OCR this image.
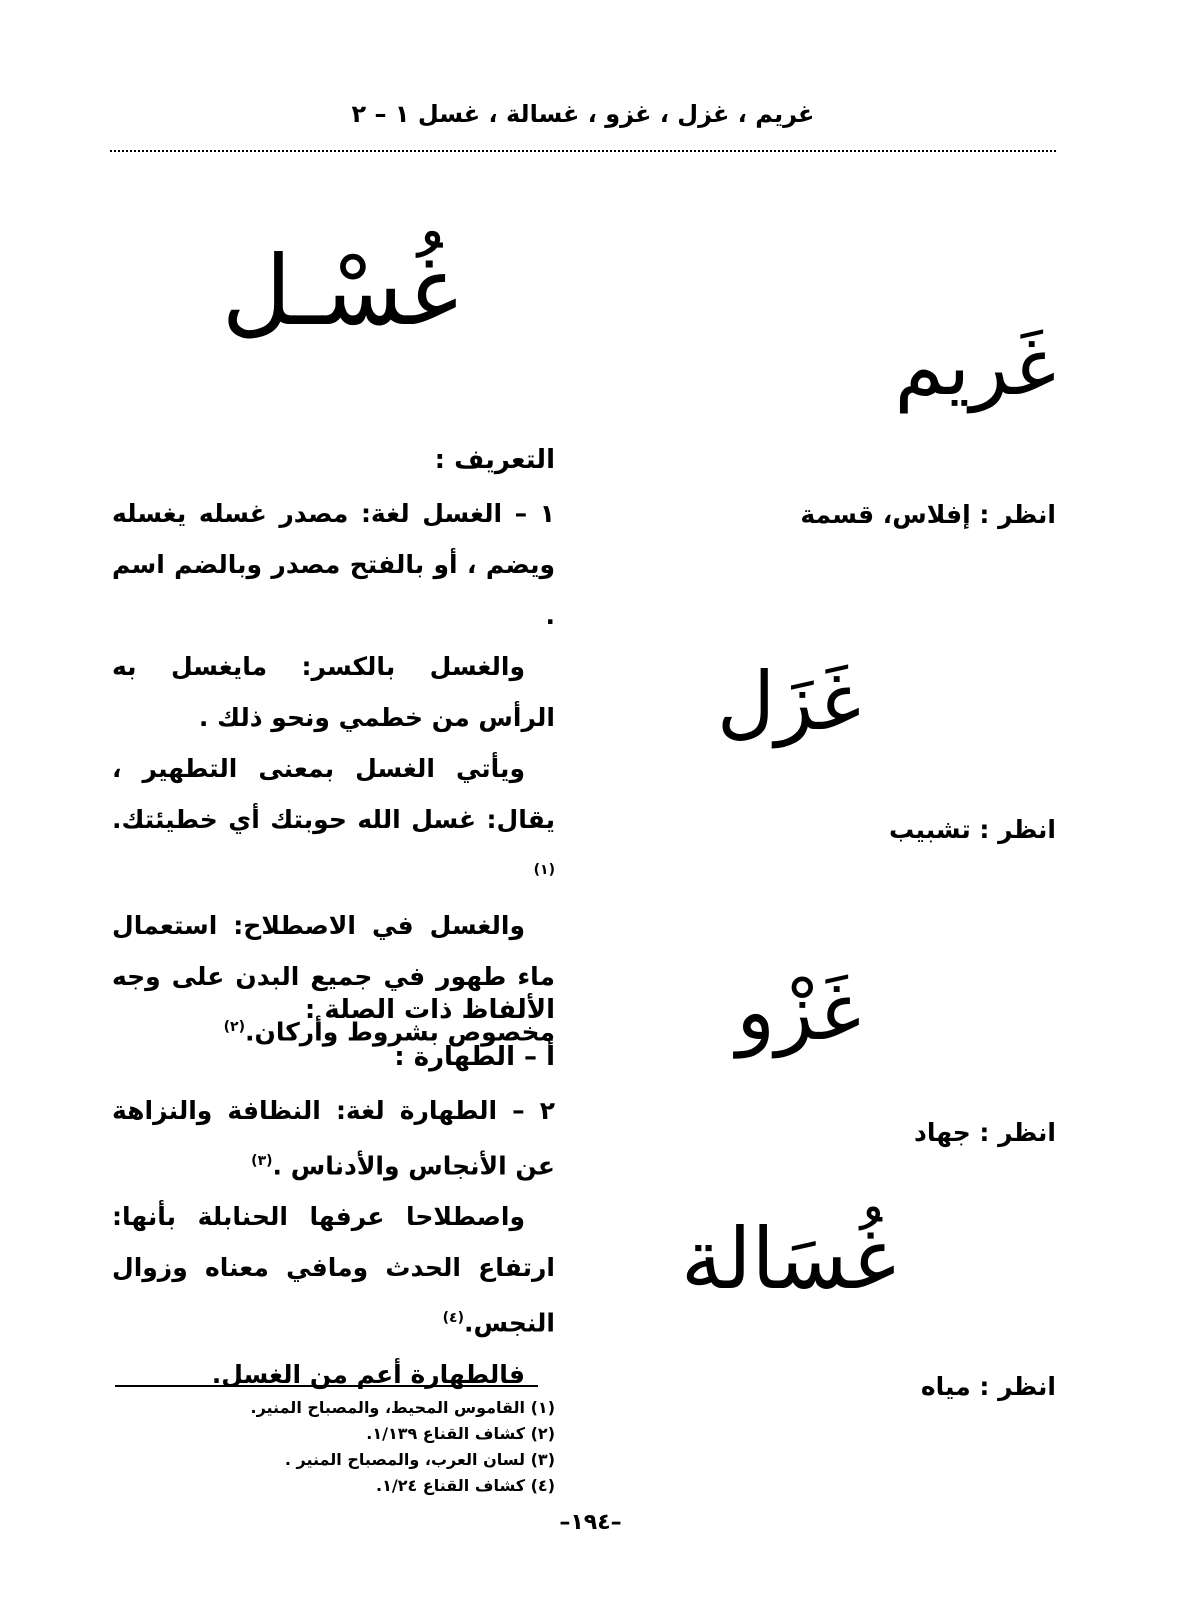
غريم ، غزل ، غزو ، غسالة ، غسل ١ – ٢
غَريم
انظر : إفلاس، قسمة
غَزَل
انظر : تشبيب
غَزْو
انظر : جهاد
غُسَالة
انظر : مياه
غُسْـل
التعريف :

١ – الغسل لغة: مصدر غسله يغسله ويضم ، أو بالفتح مصدر وبالضم اسم .

والغسل بالكسر: مايغسل به الرأس من خطمي ونحو ذلك .

ويأتي الغسل بمعنى التطهير ، يقال: غسل الله حوبتك أي خطيئتك.$^{(١)}$

والغسل في الاصطلاح: استعمال ماء طهور في جميع البدن على وجه مخصوص بشروط وأركان.$^{(٢)}$

الألفاظ ذات الصلة :
أ – الطهارة :

٢ – الطهارة لغة: النظافة والنزاهة عن الأنجاس والأدناس .$^{(٣)}$

واصطلاحا عرفها الحنابلة بأنها: ارتفاع الحدث ومافي معناه وزوال النجس.$^{(٤)}$

فالطهارة أعم من الغسل.

(١) القاموس المحيط، والمصباح المنير.
(٢) كشاف القناع ١/١٣٩.
(٣) لسان العرب، والمصباح المنير .
(٤) كشاف القناع ١/٢٤.
–١٩٤–
